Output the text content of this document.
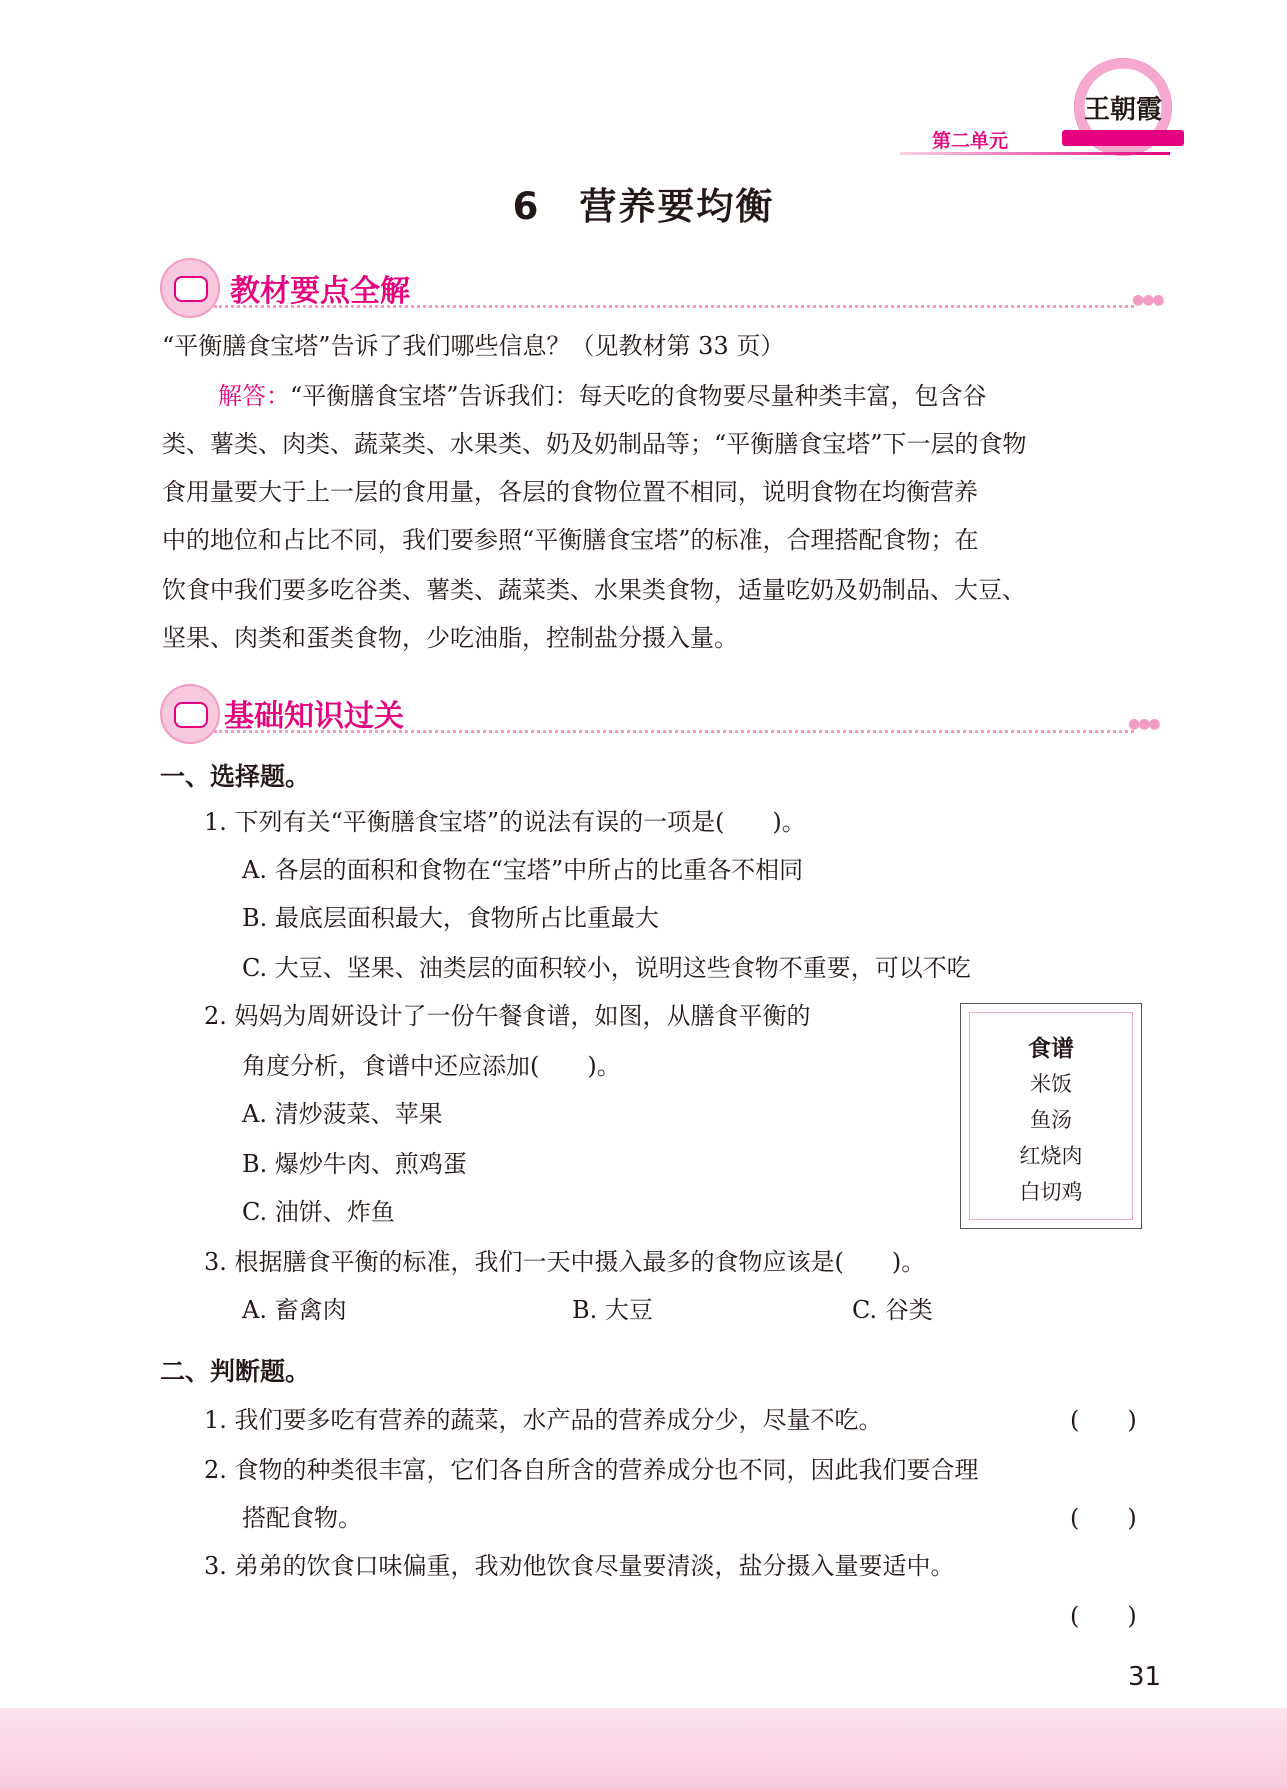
王朝霞
第二单元
6　营养要均衡
教材要点全解	●●●
“平衡膳食宝塔”告诉了我们哪些信息？（见教材第 33 页）
解答：“平衡膳食宝塔”告诉我们：每天吃的食物要尽量种类丰富，包含谷
类、薯类、肉类、蔬菜类、水果类、奶及奶制品等；“平衡膳食宝塔”下一层的食物
食用量要大于上一层的食用量，各层的食物位置不相同，说明食物在均衡营养
中的地位和占比不同，我们要参照“平衡膳食宝塔”的标准，合理搭配食物；在
饮食中我们要多吃谷类、薯类、蔬菜类、水果类食物，适量吃奶及奶制品、大豆、
坚果、肉类和蛋类食物，少吃油脂，控制盐分摄入量。
基础知识过关	●●●
一、选择题。
1. 下列有关“平衡膳食宝塔”的说法有误的一项是(　　)。
A. 各层的面积和食物在“宝塔”中所占的比重各不相同
B. 最底层面积最大，食物所占比重最大
C. 大豆、坚果、油类层的面积较小，说明这些食物不重要，可以不吃
2. 妈妈为周妍设计了一份午餐食谱，如图，从膳食平衡的
角度分析，食谱中还应添加(　　)。
A. 清炒菠菜、苹果
B. 爆炒牛肉、煎鸡蛋
C. 油饼、炸鱼
食谱
米饭
鱼汤
红烧肉
白切鸡
3. 根据膳食平衡的标准，我们一天中摄入最多的食物应该是(　　)。
A. 畜禽肉	B. 大豆	C. 谷类
二、判断题。
1. 我们要多吃有营养的蔬菜，水产品的营养成分少，尽量不吃。	(　　)
2. 食物的种类很丰富，它们各自所含的营养成分也不同，因此我们要合理
搭配食物。	(　　)
3. 弟弟的饮食口味偏重，我劝他饮食尽量要清淡，盐分摄入量要适中。
(　　)
31
